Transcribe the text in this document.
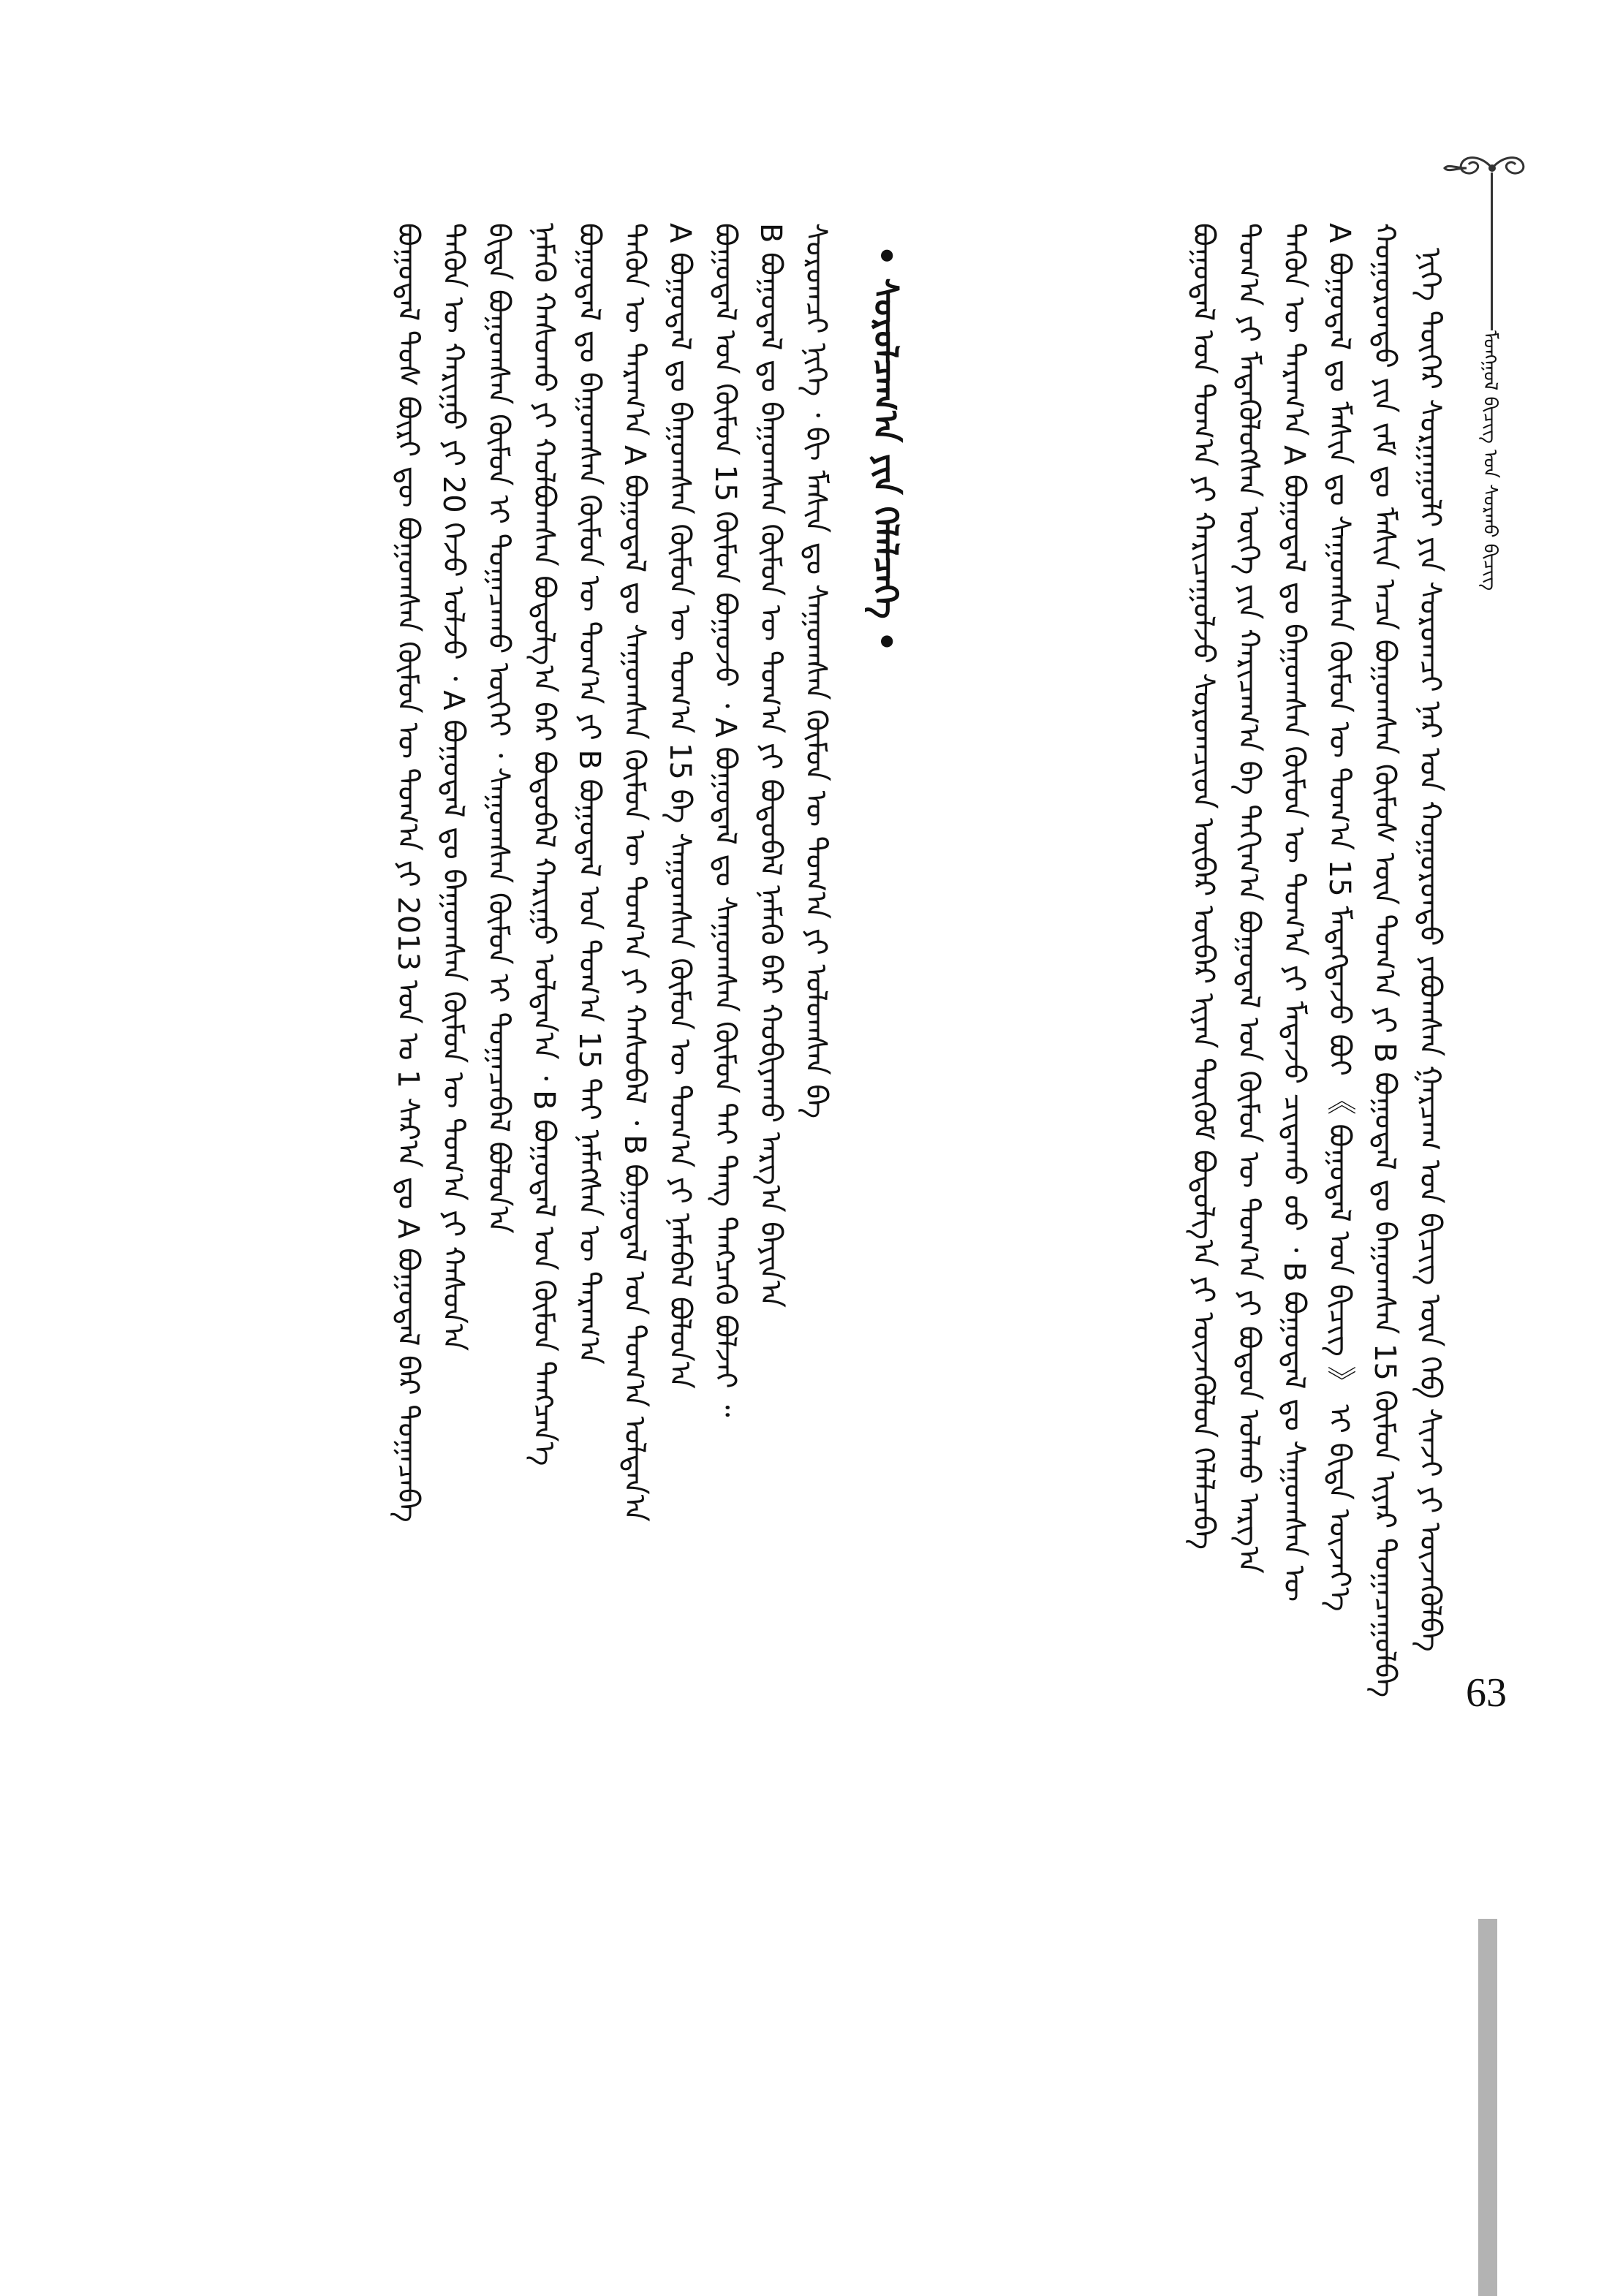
ᠮᠣᠩᠭᠣᠯ ᠪᠢᠴᠢᠭ ᠤᠨ ᠰᠤᠷᠬᠤ ᠪᠢᠴᠢᠭ
63
ᠨᠢᠭᠡ ᠳᠦᠭᠡᠷ ᠰᠤᠷᠭᠠᠭᠤᠯᠢ ᠶᠢᠨ ᠰᠤᠷᠤᠭᠴᠢ ᠨᠠᠷ ᠤᠨ ᠬᠤᠭᠤᠷᠤᠨᠳᠤ ᠶᠠᠪᠤᠭᠰᠠᠨ ᠭᠠᠷᠴᠠᠭ ᠤᠨ ᠪᠢᠴᠢᠭ ᠦᠨ ᠬᠡᠪ ᠰᠢᠨᠵᠢ ᠶᠢ ᠦᠵᠡᠭᠦᠯᠪᠡ
ᠬᠤᠭᠤᠷᠤᠨᠳᠤ ᠶᠢᠨ ᠵᠠᠮ ᠳᠤ ᠮᠠᠰᠢᠨ ᠠᠴᠠ ᠪᠤᠭᠤᠭᠰᠠᠨ ᠬᠦᠮᠦᠰ ᠦᠨ ᠲᠣᠭ᠎ᠠ ᠶᠢ B ᠪᠤᠭᠤᠳᠠᠯ ᠳᠤ ᠪᠠᠭᠤᠭᠰᠠᠨ 15 ᠬᠦᠮᠦᠨ ᠢᠶᠡᠷ ᠲᠣᠭᠠᠴᠠᠭᠤᠯᠪᠠ
A ᠪᠤᠭᠤᠳᠠᠯ ᠳᠤ ᠮᠠᠰᠢᠨ ᠳᠤ ᠰᠠᠭᠤᠭᠰᠠᠨ ᠬᠦᠮᠦᠨ ᠦ ᠲᠣᠭ᠎ᠠ 15 ᠮᠡᠳᠡᠭᠳᠡᠵᠦ ᠪᠣᠢ 《 ᠪᠤᠭᠤᠳᠠᠯ ᠤᠨ ᠪᠢᠴᠢᠭ 》 ᠢ ᠪᠢᠳᠡ ᠦᠵᠡᠶ᠎ᠡ
ᠲᠡᠭᠦᠨ ᠦ ᠳᠠᠷᠠᠭ᠎ᠠ A ᠪᠤᠭᠤᠳᠠᠯ ᠳᠤ ᠪᠠᠭᠤᠭᠰᠠᠨ ᠬᠦᠮᠦᠨ ᠦ ᠲᠣᠭ᠎ᠠ ᠶᠢ ᠮᠡᠳᠡᠵᠦ ᠴᠢᠳᠠᠬᠤ ᠦᠦ ᠂ B ᠪᠤᠭᠤᠳᠠᠯ ᠳᠤ ᠰᠠᠭᠤᠭᠰᠠᠨ ᠦ
ᠲᠣᠭ᠎ᠠ ᠶᠢ ᠮᠡᠳᠡᠭᠦᠯᠦᠭᠰᠡᠨ ᠦᠭᠡ ᠶᠢᠨ ᠬᠠᠷᠢᠴᠠᠭ᠎ᠠ ᠪᠠ ᠳᠠᠬᠢᠭ᠎ᠠ ᠪᠤᠭᠤᠳᠠᠯ ᠤᠨ ᠬᠦᠮᠦᠨ ᠦ ᠲᠣᠭ᠎ᠠ ᠶᠢ ᠪᠤᠳᠤᠨ ᠣᠯᠬᠤ ᠠᠷᠭ᠎ᠠ
ᠪᠤᠭᠤᠳᠠᠯ ᠤᠨ ᠲᠣᠭ᠎ᠠ ᠶᠢ ᠬᠠᠷᠢᠴᠠᠭᠤᠯᠵᠤ ᠰᠤᠷᠤᠭᠴᠢᠳ ᠦᠪᠡᠷ ᠦᠪᠡᠷ ᠢᠶᠡᠨ ᠳᠦᠭᠦᠮ ᠪᠣᠳᠤᠯᠭ᠎ᠠ ᠶᠢ ᠦᠵᠡᠭᠦᠯᠦᠨ ᠬᠡᠯᠡᠯᠴᠡᠪᠡ
• ᠰᠤᠷᠤᠯᠴᠠᠭ᠎ᠠ ᠶᠢᠨ ᠬᠡᠯᠡᠯᠴᠡᠭᠡ •
ᠰᠤᠷᠤᠭᠴᠢ ᠨᠢᠭᠡ ᠂ ᠪᠢ ᠮᠠᠰᠢᠨ ᠳᠤ ᠰᠠᠭᠤᠭᠰᠠᠨ ᠬᠦᠮᠦᠨ ᠦ ᠲᠣᠭ᠎ᠠ ᠶᠢ ᠣᠯᠤᠭᠰᠠᠨ ᠪᠠ
B ᠪᠤᠭᠤᠳᠠᠯ ᠳᠤ ᠪᠠᠭᠤᠭᠰᠠᠨ ᠬᠦᠮᠦᠨ ᠦ ᠲᠣᠭ᠎ᠠ ᠶᠢ ᠪᠣᠳᠤᠪᠠᠯ ᠨᠡᠮᠡᠬᠦ ᠪᠠᠷ ᠬᠤᠪᠢᠶᠠᠬᠤ ᠠᠷᠭ᠎ᠠ ᠪᠠᠶᠢᠨ᠎ᠠ
ᠪᠤᠭᠤᠳᠠᠯ ᠤᠨ ᠬᠦᠮᠦᠨ 15 ᠬᠦᠮᠦᠨ ᠪᠤᠭᠤᠵᠤ ᠂ A ᠪᠤᠭᠤᠳᠠᠯ ᠳᠤ ᠰᠠᠭᠤᠭᠰᠠᠨ ᠬᠦᠮᠦᠨ ᠲᠠᠢ ᠲᠡᠩ ᠲᠡᠩᠴᠡᠭᠦ ᠪᠣᠯᠵᠠᠢ ᠃
A ᠪᠤᠭᠤᠳᠠᠯ ᠳᠤ ᠪᠠᠭᠤᠭᠰᠠᠨ ᠬᠦᠮᠦᠨ ᠦ ᠲᠣᠭ᠎ᠠ 15 ᠪᠠ ᠰᠠᠭᠤᠭᠰᠠᠨ ᠬᠦᠮᠦᠨ ᠦ ᠲᠣᠭ᠎ᠠ ᠶᠢ ᠨᠡᠮᠡᠪᠡᠯ ᠪᠣᠯᠤᠨ᠎ᠠ
ᠲᠡᠭᠦᠨ ᠦ ᠳᠠᠷᠠᠭ᠎ᠠ A ᠪᠤᠭᠤᠳᠠᠯ ᠳᠤ ᠰᠠᠭᠤᠭᠰᠠᠨ ᠬᠦᠮᠦᠨ ᠦ ᠲᠣᠭ᠎ᠠ ᠶᠢ ᠬᠠᠰᠤᠪᠠᠯ ᠂ B ᠪᠤᠭᠤᠳᠠᠯ ᠤᠨ ᠲᠣᠭ᠎ᠠ ᠣᠯᠳᠠᠨ᠎ᠠ
ᠪᠤᠭᠤᠳᠠᠯ ᠳᠤ ᠪᠠᠭᠤᠭᠰᠠᠨ ᠬᠦᠮᠦᠨ ᠦ ᠲᠣᠭ᠎ᠠ ᠶᠢ B ᠪᠤᠭᠤᠳᠠᠯ ᠤᠨ ᠲᠣᠭ᠎ᠠ 15 ᠲᠠᠢ ᠨᠡᠮᠡᠭᠰᠡᠨ ᠦ ᠳᠠᠷᠠᠭ᠎ᠠ
ᠨᠡᠮᠡᠬᠦ ᠬᠠᠰᠤᠬᠤ ᠶᠢ ᠬᠣᠯᠪᠤᠭᠰᠠᠨ ᠪᠣᠳᠤᠯᠭ᠎ᠠ ᠪᠠᠷ ᠪᠣᠳᠤᠪᠠᠯ ᠬᠠᠷᠢᠭᠤ ᠣᠯᠳᠠᠨ᠎ᠠ ᠂ B ᠪᠤᠭᠤᠳᠠᠯ ᠤᠨ ᠬᠦᠮᠦᠨ ᠲᠡᠩᠴᠡᠨ᠎ᠡ
ᠪᠢᠳᠡ ᠪᠤᠭᠤᠭᠰᠠᠨ ᠬᠦᠮᠦᠨ ᠢ ᠲᠣᠭᠠᠴᠠᠬᠤ ᠦᠭᠡᠢ ᠂ ᠰᠠᠭᠤᠭᠰᠠᠨ ᠬᠦᠮᠦᠨ ᠢ ᠲᠣᠭᠠᠴᠠᠪᠠᠯ ᠪᠣᠯᠤᠨ᠎ᠠ
ᠲᠡᠭᠦᠨ ᠦ ᠬᠠᠷᠢᠭᠤ ᠶᠢ 20 ᠭᠡᠵᠦ ᠣᠯᠵᠤ ᠂ A ᠪᠤᠭᠤᠳᠠᠯ ᠳᠤ ᠪᠠᠭᠤᠭᠰᠠᠨ ᠬᠦᠮᠦᠨ ᠦ ᠲᠣᠭ᠎ᠠ ᠶᠢ ᠬᠠᠰᠤᠨ᠎ᠠ
ᠪᠤᠭᠤᠳᠠᠯ ᠲᠤᠰ ᠪᠦᠷᠢ ᠳᠦ ᠪᠤᠭᠤᠭᠰᠠᠨ ᠬᠦᠮᠦᠨ ᠦ ᠲᠣᠭ᠎ᠠ ᠶᠢ 2013 ᠣᠨ ᠤ 1 ᠰᠠᠷ᠎ᠠ ᠳᠤ A ᠪᠤᠭᠤᠳᠠᠯ ᠪᠡᠷ ᠲᠣᠭᠠᠴᠠᠪᠠ
